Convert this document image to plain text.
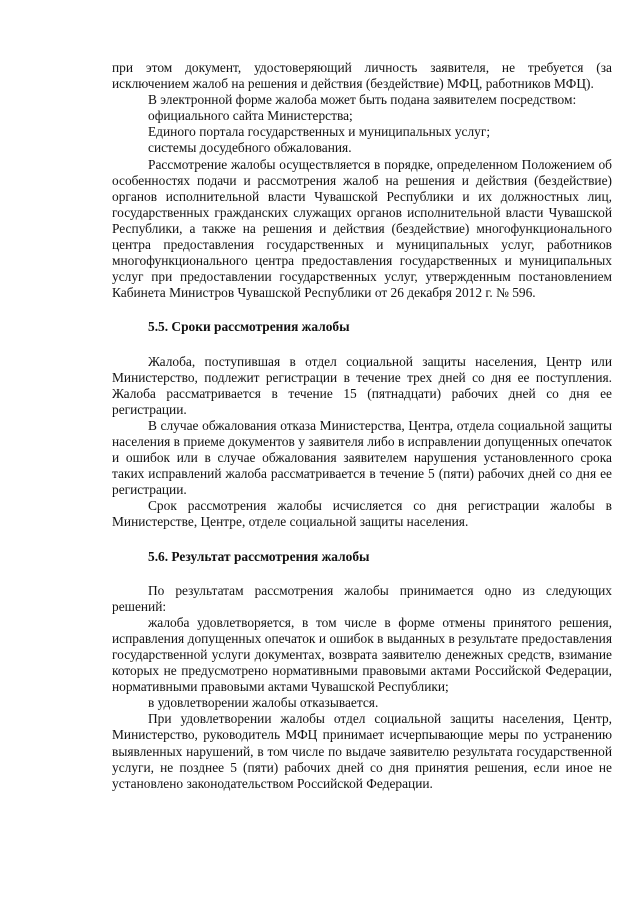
при этом документ, удостоверяющий личность заявителя, не требуется (за исключением жалоб на решения и действия (бездействие) МФЦ, работников МФЦ).

В электронной форме жалоба может быть подана заявителем посредством:

официального сайта Министерства;

Единого портала государственных и муниципальных услуг;

системы досудебного обжалования.

Рассмотрение жалобы осуществляется в порядке, определенном Положением об особенностях подачи и рассмотрения жалоб на решения и действия (бездействие) органов исполнительной власти Чувашской Республики и их должностных лиц, государственных гражданских служащих органов исполнительной власти Чувашской Республики, а также на решения и действия (бездействие) многофункционального центра предоставления государственных и муниципальных услуг, работников многофункционального центра предоставления государственных и муниципальных услуг при предоставлении государственных услуг, утвержденным постановлением Кабинета Министров Чувашской Республики от 26 декабря 2012 г. № 596.

5.5. Сроки рассмотрения жалобы

Жалоба, поступившая в отдел социальной защиты населения, Центр или Министерство, подлежит регистрации в течение трех дней со дня ее поступления. Жалоба рассматривается в течение 15 (пятнадцати) рабочих дней со дня ее регистрации.

В случае обжалования отказа Министерства, Центра, отдела социальной защиты населения в приеме документов у заявителя либо в исправлении допущенных опечаток и ошибок или в случае обжалования заявителем нарушения установленного срока таких исправлений жалоба рассматривается в течение 5 (пяти) рабочих дней со дня ее регистрации.

Срок рассмотрения жалобы исчисляется со дня регистрации жалобы в Министерстве, Центре, отделе социальной защиты населения.

5.6. Результат рассмотрения жалобы

По результатам рассмотрения жалобы принимается одно из следующих решений:

жалоба удовлетворяется, в том числе в форме отмены принятого решения, исправления допущенных опечаток и ошибок в выданных в результате предоставления государственной услуги документах, возврата заявителю денежных средств, взимание которых не предусмотрено нормативными правовыми актами Российской Федерации, нормативными правовыми актами Чувашской Республики;

в удовлетворении жалобы отказывается.

При удовлетворении жалобы отдел социальной защиты населения, Центр, Министерство, руководитель МФЦ принимает исчерпывающие меры по устранению выявленных нарушений, в том числе по выдаче заявителю результата государственной услуги, не позднее 5 (пяти) рабочих дней со дня принятия решения, если иное не установлено законодательством Российской Федерации.
